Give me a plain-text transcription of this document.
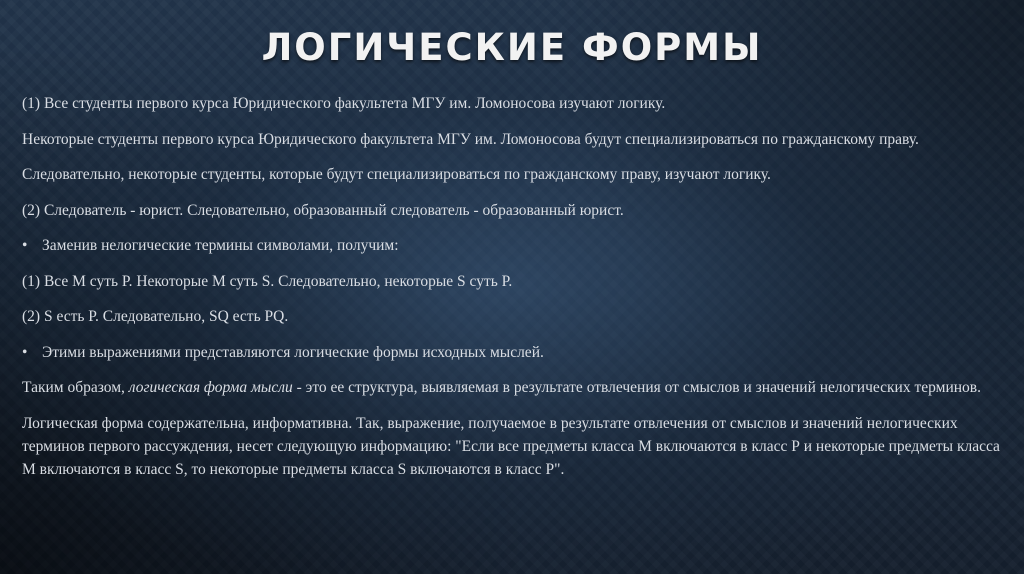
ЛОГИЧЕСКИЕ ФОРМЫ

(1) Все студенты первого курса Юридического факультета МГУ им. Ломоносова изучают логику.

Некоторые студенты первого курса Юридического факультета МГУ им. Ломоносова будут специализироваться по гражданскому праву.

Следовательно, некоторые студенты, которые будут специализироваться по гражданскому праву, изучают логику.

(2) Следователь - юрист. Следовательно, образованный следователь - образованный юрист.

• Заменив нелогические термины символами, получим:

(1) Все М суть Р. Некоторые М суть S. Следовательно, некоторые S суть Р.

(2) S есть Р. Следовательно, SQ есть PQ.

• Этими выражениями представляются логические формы исходных мыслей.

Таким образом, логическая форма мысли - это ее структура, выявляемая в результате отвлечения от смыслов и значений нелогических терминов.

Логическая форма содержательна, информативна. Так, выражение, получаемое в результате отвлечения от смыслов и значений нелогических терминов первого рассуждения, несет следующую информацию: "Если все предметы класса М включаются в класс Р и некоторые предметы класса М включаются в класс S, то некоторые предметы класса S включаются в класс Р".
